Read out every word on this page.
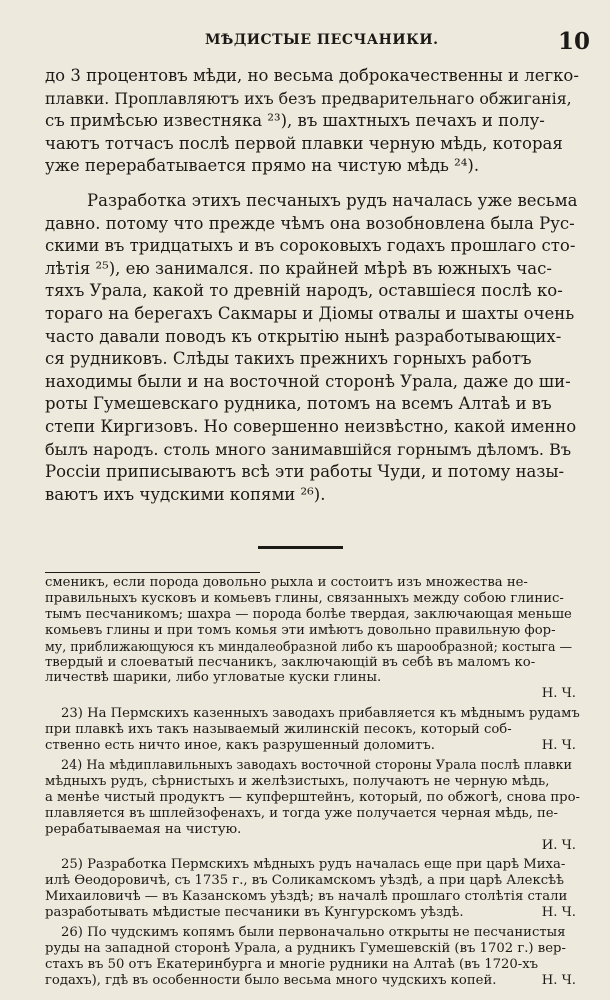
МѢДИСТЫЕ ПЕСЧАНИКИ.	10
до 3 процентовъ мѣди, но весьма доброкачественны и легко-
плавки. Проплавляютъ ихъ безъ предварительнаго обжиганія,
съ примѣсью известняка ²³), въ шахтныхъ печахъ и полу-
чаютъ тотчасъ послѣ первой плавки черную мѣдь, которая
уже перерабатывается прямо на чистую мѣдь ²⁴).
Разработка этихъ песчаныхъ рудъ началась уже весьма
давно. потому что прежде чѣмъ она возобновлена была Рус-
скими въ тридцатыхъ и въ сороковыхъ годахъ прошлаго сто-
лѣтія ²⁵), ею занимался. по крайней мѣрѣ въ южныхъ час-
тяхъ Урала, какой то древній народъ, оставшіеся послѣ ко-
тораго на берегахъ Сакмары и Діомы отвалы и шахты очень
часто давали поводъ къ открытію нынѣ разработывающих-
ся рудниковъ. Слѣды такихъ прежнихъ горныхъ работъ
находимы были и на восточной сторонѣ Урала, даже до ши-
роты Гумешевскаго рудника, потомъ на всемъ Алтаѣ и въ
степи Киргизовъ. Но совершенно неизвѣстно, какой именно
былъ народъ. столь много занимавшійся горнымъ дѣломъ. Въ
Россіи приписываютъ всѣ эти работы Чуди, и потому назы-
ваютъ ихъ чудскими копями ²⁶).
сменикъ, если порода довольно рыхла и состоитъ изъ множества не-
правильныхъ кусковъ и комьевъ глины, связанныхъ между собою глинис-
тымъ песчаникомъ; шахра — порода болѣе твердая, заключающая меньше
комьевъ глины и при томъ комья эти имѣютъ довольно правильную фор-
му, приближающуюся къ миндалеобразной либо къ шарообразной; костыга —
твердый и слоеватый песчаникъ, заключающій въ себѣ въ маломъ ко-
личествѣ шарики, либо угловатые куски глины.
Н. Ч.
23) На Пермскихъ казенныхъ заводахъ прибавляется къ мѣднымъ рудамъ
при плавкѣ ихъ такъ называемый жилинскій песокъ, который соб-
ственно есть ничто иное, какъ разрушенный доломитъ.	Н. Ч.
24) На мѣдиплавильныхъ заводахъ восточной стороны Урала послѣ плавки
мѣдныхъ рудъ, сѣрнистыхъ и желѣзистыхъ, получаютъ не черную мѣдь,
а менѣе чистый продуктъ — купферштейнъ, который, по обжогѣ, снова про-
плавляется въ шплейзофенахъ, и тогда уже получается черная мѣдь, пе-
рерабатываемая на чистую.
И. Ч.
25) Разработка Пермскихъ мѣдныхъ рудъ началась еще при царѣ Миха-
илѣ Ѳеодоровичѣ, съ 1735 г., въ Соликамскомъ уѣздѣ, а при царѣ Алексѣѣ
Михаиловичѣ — въ Казанскомъ уѣздѣ; въ началѣ прошлаго столѣтія стали
разработывать мѣдистые песчаники въ Кунгурскомъ уѣздѣ.	Н. Ч.
26) По чудскимъ копямъ были первоначально открыты не песчанистыя
руды на западной сторонѣ Урала, а рудникъ Гумешевскій (въ 1702 г.) вер-
стахъ въ 50 отъ Екатеринбурга и многіе рудники на Алтаѣ (въ 1720-хъ
годахъ), гдѣ въ особенности было весьма много чудскихъ копей.	Н. Ч.
